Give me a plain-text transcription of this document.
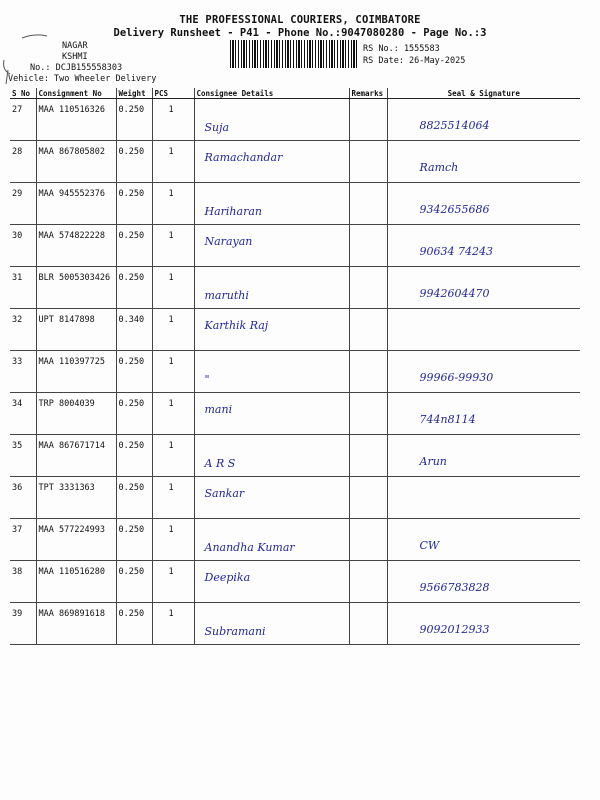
THE PROFESSIONAL COURIERS, COIMBATORE
Delivery Runsheet - P41 - Phone No.:9047080280 - Page No.:3
NAGAR
KSHMI
No.: DCJB155558303
Vehicle: Two Wheeler Delivery
RS No.: 1555583
RS Date: 26-May-2025
S No	Consignment No	Weight	PCS	Consignee Details	Remarks	Seal & Signature
27	MAA 110516326	0.250	1	Suja		8825514064
28	MAA 867805802	0.250	1	Ramachandar		Ramch
29	MAA 945552376	0.250	1	Hariharan		9342655686
30	MAA 574822228	0.250	1	Narayan		90634 74243
31	BLR 5005303426	0.250	1	maruthi		9942604470
32	UPT 8147898	0.340	1	Karthik Raj		
33	MAA 110397725	0.250	1	"		99966-99930
34	TRP 8004039	0.250	1	mani		744n8114
35	MAA 867671714	0.250	1	A R S		Arun
36	TPT 3331363	0.250	1	Sankar		
37	MAA 577224993	0.250	1	Anandha Kumar		CW
38	MAA 110516280	0.250	1	Deepika		9566783828
39	MAA 869891618	0.250	1	Subramani		9092012933
